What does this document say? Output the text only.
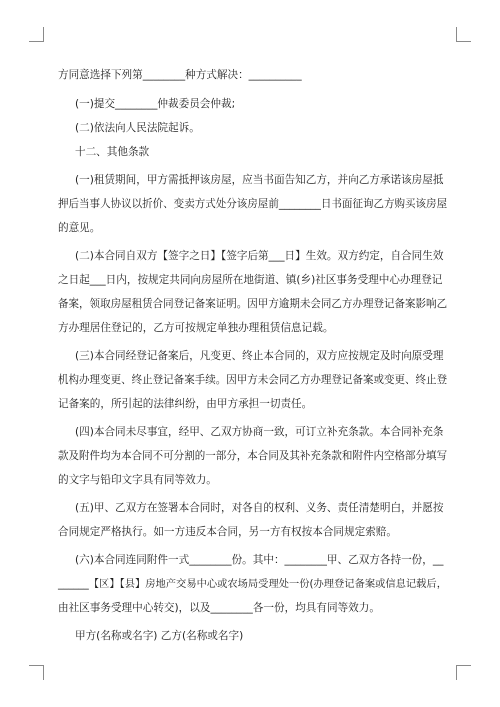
方同意选择下列第________种方式解决：__________
(一)提交________仲裁委员会仲裁;
(二)依法向人民法院起诉。
十二、其他条款
(一)租赁期间，甲方需抵押该房屋，应当书面告知乙方，并向乙方承诺该房屋抵
押后当事人协议以折价、变卖方式处分该房屋前________日书面征询乙方购买该房屋
的意见。
(二)本合同自双方【签字之日】【签字后第___日】生效。双方约定，自合同生效
之日起___日内，按规定共同向房屋所在地街道、镇(乡)社区事务受理中心办理登记
备案，领取房屋租赁合同登记备案证明。因甲方逾期未会同乙方办理登记备案影响乙
方办理居住登记的，乙方可按规定单独办理租赁信息记载。
(三)本合同经登记备案后，凡变更、终止本合同的，双方应按规定及时向原受理
机构办理变更、终止登记备案手续。因甲方未会同乙方办理登记备案或变更、终止登
记备案的，所引起的法律纠纷，由甲方承担一切责任。
(四)本合同未尽事宜，经甲、乙双方协商一致，可订立补充条款。本合同补充条
款及附件均为本合同不可分割的一部分，本合同及其补充条款和附件内空格部分填写
的文字与铅印文字具有同等效力。
(五)甲、乙双方在签署本合同时，对各自的权利、义务、责任清楚明白，并愿按
合同规定严格执行。如一方违反本合同，另一方有权按本合同规定索赔。
(六)本合同连同附件一式________份。其中：________甲、乙双方各持一份，__
______【区】【县】房地产交易中心或农场局受理处一份(办理登记备案或信息记载后，
由社区事务受理中心转交)，以及________各一份，均具有同等效力。
甲方(名称或名字) 乙方(名称或名字)
